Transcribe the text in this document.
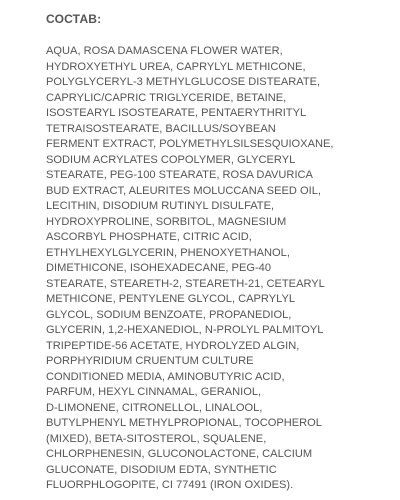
СОСТАВ:
AQUA, ROSA DAMASCENA FLOWER WATER,
HYDROXYETHYL UREA, CAPRYLYL METHICONE,
POLYGLYCERYL-3 METHYLGLUCOSE DISTEARATE,
CAPRYLIC/CAPRIC TRIGLYCERIDE, BETAINE,
ISOSTEARYL ISOSTEARATE, PENTAERYTHRITYL
TETRAISOSTEARATE, BACILLUS/SOYBEAN
FERMENT EXTRACT, POLYMETHYLSILSESQUIOXANE,
SODIUM ACRYLATES COPOLYMER, GLYCERYL
STEARATE, PEG-100 STEARATE, ROSA DAVURICA
BUD EXTRACT, ALEURITES MOLUCCANA SEED OIL,
LECITHIN, DISODIUM RUTINYL DISULFATE,
HYDROXYPROLINE, SORBITOL, MAGNESIUM
ASCORBYL PHOSPHATE, CITRIC ACID,
ETHYLHEXYLGLYCERIN, PHENOXYETHANOL,
DIMETHICONE, ISOHEXADECANE, PEG-40
STEARATE, STEARETH-2, STEARETH-21, CETEARYL
METHICONE, PENTYLENE GLYCOL, CAPRYLYL
GLYCOL, SODIUM BENZOATE, PROPANEDIOL,
GLYCERIN, 1,2-HEXANEDIOL, N-PROLYL PALMITOYL
TRIPEPTIDE-56 ACETATE, HYDROLYZED ALGIN,
PORPHYRIDIUM CRUENTUM CULTURE
CONDITIONED MEDIA, AMINOBUTYRIC ACID,
PARFUM, HEXYL CINNAMAL, GERANIOL,
D-LIMONENE, CITRONELLOL, LINALOOL,
BUTYLPHENYL METHYLPROPIONAL, TOCOPHEROL
(MIXED), BETA-SITOSTEROL, SQUALENE,
CHLORPHENESIN, GLUCONOLACTONE, CALCIUM
GLUCONATE, DISODIUM EDTA, SYNTHETIC
FLUORPHLOGOPITE, CI 77491 (IRON OXIDES).
